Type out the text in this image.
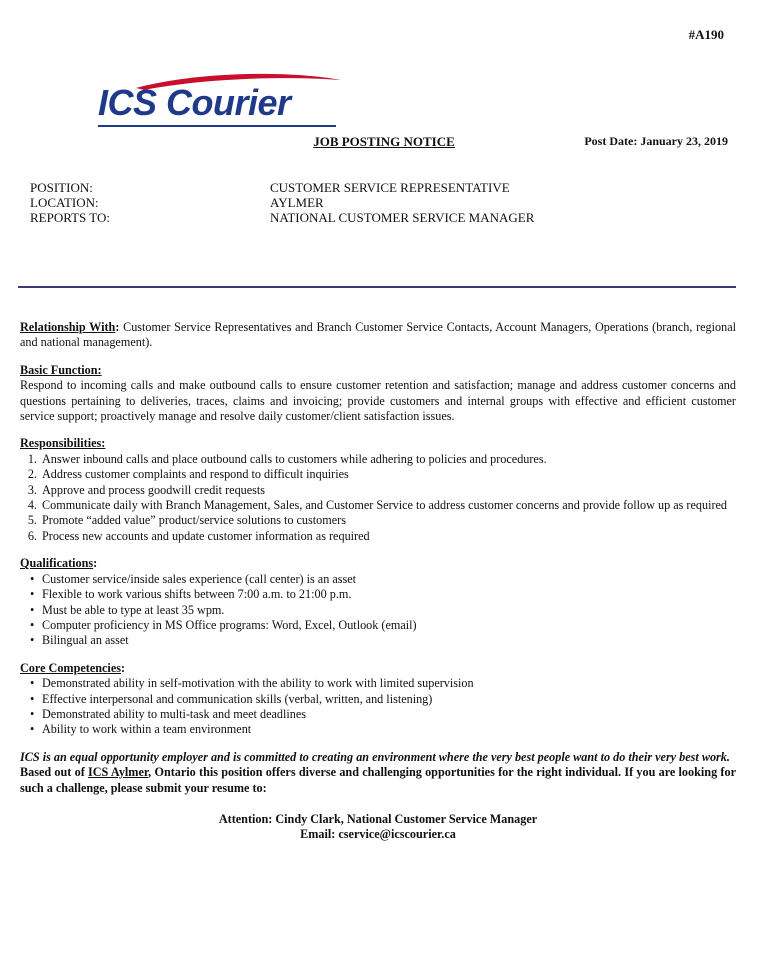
#A190
ICS Courier
JOB POSTING NOTICE	Post Date: January 23, 2019
POSITION:	CUSTOMER SERVICE REPRESENTATIVE
LOCATION:	AYLMER
REPORTS TO:	NATIONAL CUSTOMER SERVICE MANAGER
Relationship With: Customer Service Representatives and Branch Customer Service Contacts, Account Managers, Operations (branch, regional and national management).
Basic Function:

Respond to incoming calls and make outbound calls to ensure customer retention and satisfaction; manage and address customer concerns and questions pertaining to deliveries, traces, claims and invoicing; provide customers and internal groups with effective and efficient customer service support; proactively manage and resolve daily customer/client satisfaction issues.

Responsibilities:
1. Answer inbound calls and place outbound calls to customers while adhering to policies and procedures.
2. Address customer complaints and respond to difficult inquiries
3. Approve and process goodwill credit requests
4. Communicate daily with Branch Management, Sales, and Customer Service to address customer concerns and provide follow up as required
5. Promote “added value” product/service solutions to customers
6. Process new accounts and update customer information as required
Qualifications:
• Customer service/inside sales experience (call center) is an asset
• Flexible to work various shifts between 7:00 a.m. to 21:00 p.m.
• Must be able to type at least 35 wpm.
• Computer proficiency in MS Office programs: Word, Excel, Outlook (email)
• Bilingual an asset
Core Competencies:
• Demonstrated ability in self-motivation with the ability to work with limited supervision
• Effective interpersonal and communication skills (verbal, written, and listening)
• Demonstrated ability to multi-task and meet deadlines
• Ability to work within a team environment

ICS is an equal opportunity employer and is committed to creating an environment where the very best people want to do their very best work.

Based out of ICS Aylmer, Ontario this position offers diverse and challenging opportunities for the right individual. If you are looking for such a challenge, please submit your resume to:

Attention: Cindy Clark, National Customer Service Manager
Email: cservice@icscourier.ca
